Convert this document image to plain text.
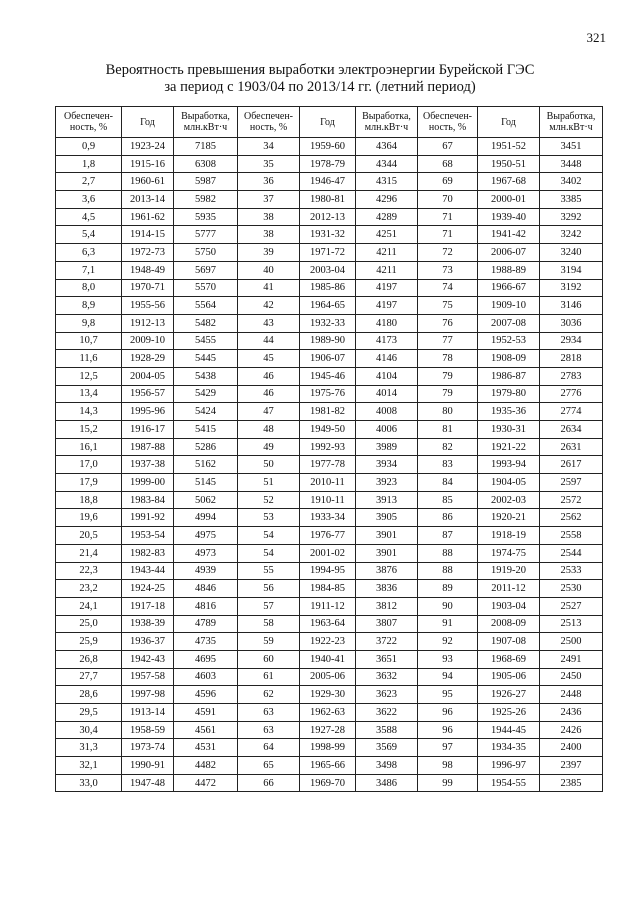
321
Вероятность превышения выработки электроэнергии Бурейской ГЭС
за период с 1903/04 по 2013/14 гг. (летний период)
Обеспечен-ность, %	Год	Выработка, млн.кВт·ч	Обеспечен-ность, %	Год	Выработка, млн.кВт·ч	Обеспечен-ность, %	Год	Выработка, млн.кВт·ч
0,9	1923-24	7185	34	1959-60	4364	67	1951-52	3451
1,8	1915-16	6308	35	1978-79	4344	68	1950-51	3448
2,7	1960-61	5987	36	1946-47	4315	69	1967-68	3402
3,6	2013-14	5982	37	1980-81	4296	70	2000-01	3385
4,5	1961-62	5935	38	2012-13	4289	71	1939-40	3292
5,4	1914-15	5777	38	1931-32	4251	71	1941-42	3242
6,3	1972-73	5750	39	1971-72	4211	72	2006-07	3240
7,1	1948-49	5697	40	2003-04	4211	73	1988-89	3194
8,0	1970-71	5570	41	1985-86	4197	74	1966-67	3192
8,9	1955-56	5564	42	1964-65	4197	75	1909-10	3146
9,8	1912-13	5482	43	1932-33	4180	76	2007-08	3036
10,7	2009-10	5455	44	1989-90	4173	77	1952-53	2934
11,6	1928-29	5445	45	1906-07	4146	78	1908-09	2818
12,5	2004-05	5438	46	1945-46	4104	79	1986-87	2783
13,4	1956-57	5429	46	1975-76	4014	79	1979-80	2776
14,3	1995-96	5424	47	1981-82	4008	80	1935-36	2774
15,2	1916-17	5415	48	1949-50	4006	81	1930-31	2634
16,1	1987-88	5286	49	1992-93	3989	82	1921-22	2631
17,0	1937-38	5162	50	1977-78	3934	83	1993-94	2617
17,9	1999-00	5145	51	2010-11	3923	84	1904-05	2597
18,8	1983-84	5062	52	1910-11	3913	85	2002-03	2572
19,6	1991-92	4994	53	1933-34	3905	86	1920-21	2562
20,5	1953-54	4975	54	1976-77	3901	87	1918-19	2558
21,4	1982-83	4973	54	2001-02	3901	88	1974-75	2544
22,3	1943-44	4939	55	1994-95	3876	88	1919-20	2533
23,2	1924-25	4846	56	1984-85	3836	89	2011-12	2530
24,1	1917-18	4816	57	1911-12	3812	90	1903-04	2527
25,0	1938-39	4789	58	1963-64	3807	91	2008-09	2513
25,9	1936-37	4735	59	1922-23	3722	92	1907-08	2500
26,8	1942-43	4695	60	1940-41	3651	93	1968-69	2491
27,7	1957-58	4603	61	2005-06	3632	94	1905-06	2450
28,6	1997-98	4596	62	1929-30	3623	95	1926-27	2448
29,5	1913-14	4591	63	1962-63	3622	96	1925-26	2436
30,4	1958-59	4561	63	1927-28	3588	96	1944-45	2426
31,3	1973-74	4531	64	1998-99	3569	97	1934-35	2400
32,1	1990-91	4482	65	1965-66	3498	98	1996-97	2397
33,0	1947-48	4472	66	1969-70	3486	99	1954-55	2385
